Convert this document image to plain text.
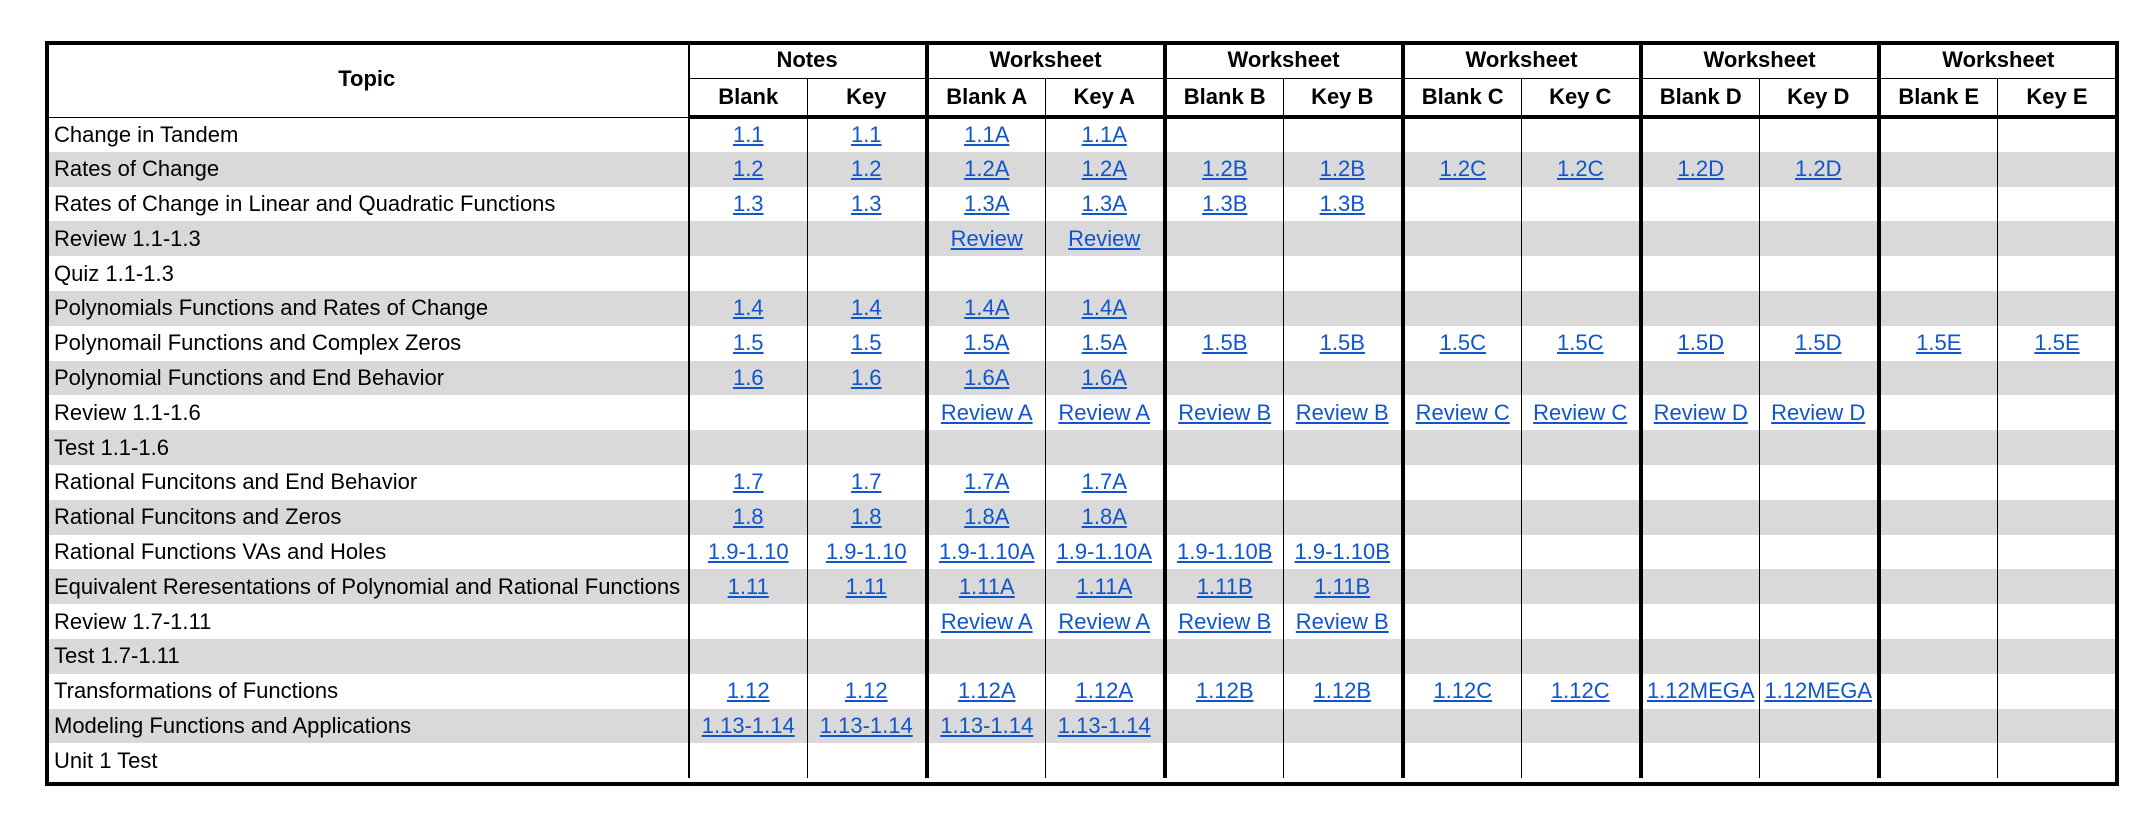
Topic	Notes		Worksheet		Worksheet		Worksheet		Worksheet		Worksheet	
	Blank	Key	Blank A	Key A	Blank B	Key B	Blank C	Key C	Blank D	Key D	Blank E	Key E
Change in Tandem	1.1	1.1	1.1A	1.1A								
Rates of Change	1.2	1.2	1.2A	1.2A	1.2B	1.2B	1.2C	1.2C	1.2D	1.2D		
Rates of Change in Linear and Quadratic Functions	1.3	1.3	1.3A	1.3A	1.3B	1.3B						
Review 1.1-1.3			Review	Review								
Quiz 1.1-1.3												
Polynomials Functions and Rates of Change	1.4	1.4	1.4A	1.4A								
Polynomail Functions and Complex Zeros	1.5	1.5	1.5A	1.5A	1.5B	1.5B	1.5C	1.5C	1.5D	1.5D	1.5E	1.5E
Polynomial Functions and End Behavior	1.6	1.6	1.6A	1.6A								
Review 1.1-1.6			Review A	Review A	Review B	Review B	Review C	Review C	Review D	Review D		
Test 1.1-1.6												
Rational Funcitons and End Behavior	1.7	1.7	1.7A	1.7A								
Rational Funcitons and Zeros	1.8	1.8	1.8A	1.8A								
Rational Functions VAs and Holes	1.9-1.10	1.9-1.10	1.9-1.10A	1.9-1.10A	1.9-1.10B	1.9-1.10B						
Equivalent Reresentations of Polynomial and Rational Functions	1.11	1.11	1.11A	1.11A	1.11B	1.11B						
Review 1.7-1.11			Review A	Review A	Review B	Review B						
Test 1.7-1.11												
Transformations of Functions	1.12	1.12	1.12A	1.12A	1.12B	1.12B	1.12C	1.12C	1.12MEGA	1.12MEGA		
Modeling Functions and Applications	1.13-1.14	1.13-1.14	1.13-1.14	1.13-1.14								
Unit 1 Test												
